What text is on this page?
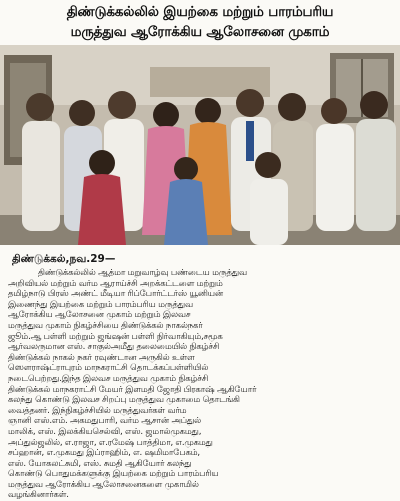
திண்டுக்கல்லில் இயற்கை மற்றும் பாரம்பரிய
மருத்துவ ஆரோக்கிய ஆலோசனை முகாம்
திண்டுக்கல்,நவ.29—
திண்டுக்கல்லில் ஆத்மா மறுவாழ்வு பண்டைய மருத்துவ
அறிவியல் மற்றும் வர்ம ஆராய்ச்சி அறக்கட்டளை மற்றும்
தமிழ்நாடு பிரஸ் அண்ட் மீடியா ரிப்போர்ட்டர்ஸ் யூனியன்
இணைந்து இயற்கை மற்றும் பாரம்பரிய மருத்துவ
ஆரோக்கிய ஆலோசனை முகாம் மற்றும் இலவச
மருத்துவ முகாம் நிகழ்ச்சியை திண்டுக்கல் நாகல்நகர்
ஜூம்.ஆ பள்ளி மற்றும் ஜங்ஷன் பள்ளி நிர்வாகியும்,சமூக
ஆர்வலருமான எஸ். சாகுல்அமீது தலைமையில் நிகழ்ச்சி
திண்டுக்கல் நாகல் நகர் ரவுண்டான அருகில் உள்ள
ஸௌராஷ்ட்ராபுரம் மாநகராட்சி தொடக்கப்பள்ளியில்
நடைபெற்றது.இந்த இலவச மருத்துவ முகாம் நிகழ்ச்சி
திண்டுக்கல் மாநகராட்சி மேயர் இளமதி ஜோதி பிரகாஷ் ஆகியோர்
கலந்து கொண்டு இலவச சிறப்பு மருத்துவ முகாமை தொடங்கி
வைத்தனர். இந்நிகழ்ச்சியில் மருத்துவர்கள் வர்ம
ஞானி எஸ்.எம். அகமதுபாரி, வர்ம ஆசான் அப்துல்
மாலிக், எஸ். இலக்கியசெல்வி, எஸ். ஜமால்முகமது,
அப்துல்ஜலில், எ.ராஜா, எ.ரமேஷ் பாத்திமா, எ.முகமது
சப்ஹான், எ.முகமது இப்ராஹிம், எ. ஷமிமாபேகம்,
எஸ். யோகலட்சுமி, எஸ். சுமதி ஆகியோர் கலந்து
கொண்டு பொதுமக்களுக்கு இயற்கை மற்றும் பாரம்பரிய
மருத்துவ ஆரோக்கிய ஆலோசனைகளை முகாமில்
வழங்கினார்கள்.
